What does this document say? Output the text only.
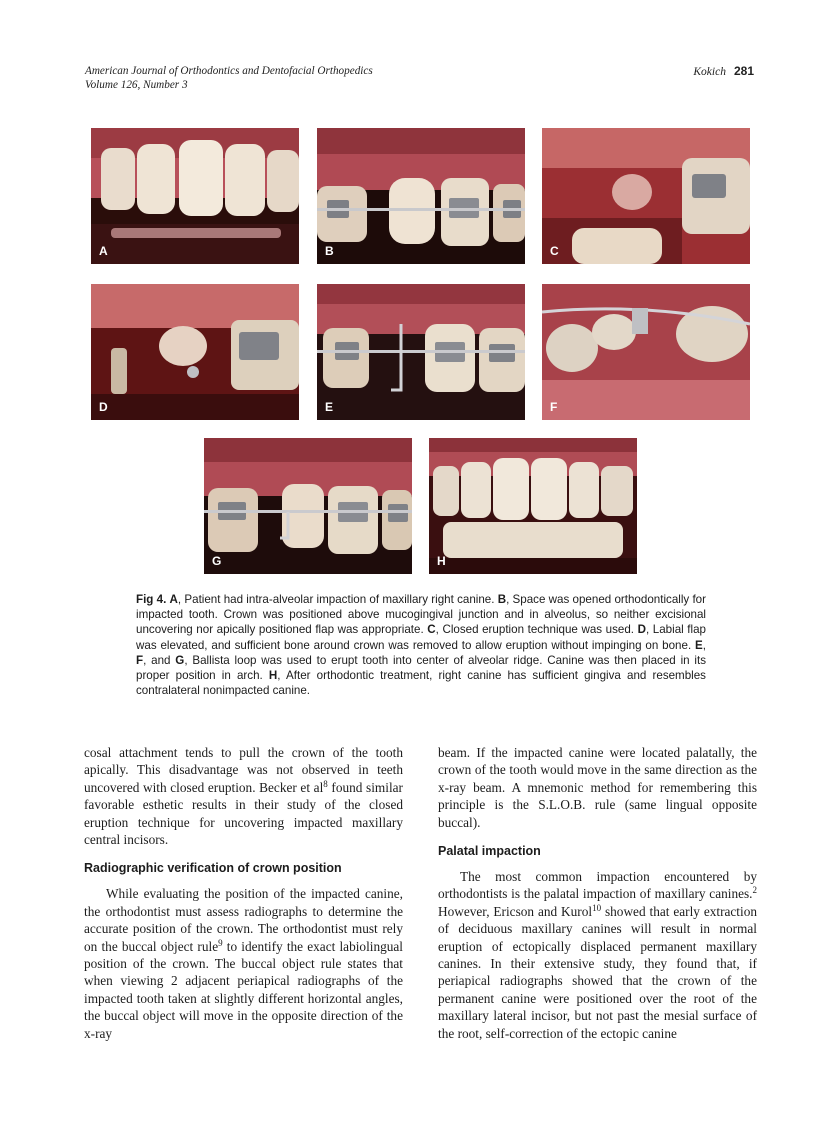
American Journal of Orthodontics and Dentofacial Orthopedics
Volume 126, Number 3
Kokich 281
A	B	C
D	E	F
G	H
Fig 4. A, Patient had intra-alveolar impaction of maxillary right canine. B, Space was opened orthodontically for impacted tooth. Crown was positioned above mucogingival junction and in alveolus, so neither excisional uncovering nor apically positioned flap was appropriate. C, Closed eruption technique was used. D, Labial flap was elevated, and sufficient bone around crown was removed to allow eruption without impinging on bone. E, F, and G, Ballista loop was used to erupt tooth into center of alveolar ridge. Canine was then placed in its proper position in arch. H, After orthodontic treatment, right canine has sufficient gingiva and resembles contralateral nonimpacted canine.

cosal attachment tends to pull the crown of the tooth apically. This disadvantage was not observed in teeth uncovered with closed eruption. Becker et $al^8$ found similar favorable esthetic results in their study of the closed eruption technique for uncovering impacted maxillary central incisors.

Radiographic verification of crown position

While evaluating the position of the impacted canine, the orthodontist must assess radiographs to determine the accurate position of the crown. The orthodontist must rely on the buccal object rule$^9$ to identify the exact labiolingual position of the crown. The buccal object rule states that when viewing 2 adjacent periapical radiographs of the impacted tooth taken at slightly different horizontal angles, the buccal object will move in the opposite direction of the x-ray

beam. If the impacted canine were located palatally, the crown of the tooth would move in the same direction as the x-ray beam. A mnemonic method for remembering this principle is the S.L.O.B. rule (same lingual opposite buccal).

Palatal impaction

The most common impaction encountered by orthodontists is the palatal impaction of maxillary canines.$^2$ However, Ericson and Kurol$^{10}$ showed that early extraction of deciduous maxillary canines will result in normal eruption of ectopically displaced permanent maxillary canines. In their extensive study, they found that, if periapical radiographs showed that the crown of the permanent canine were positioned over the root of the maxillary lateral incisor, but not past the mesial surface of the root, self-correction of the ectopic canine
